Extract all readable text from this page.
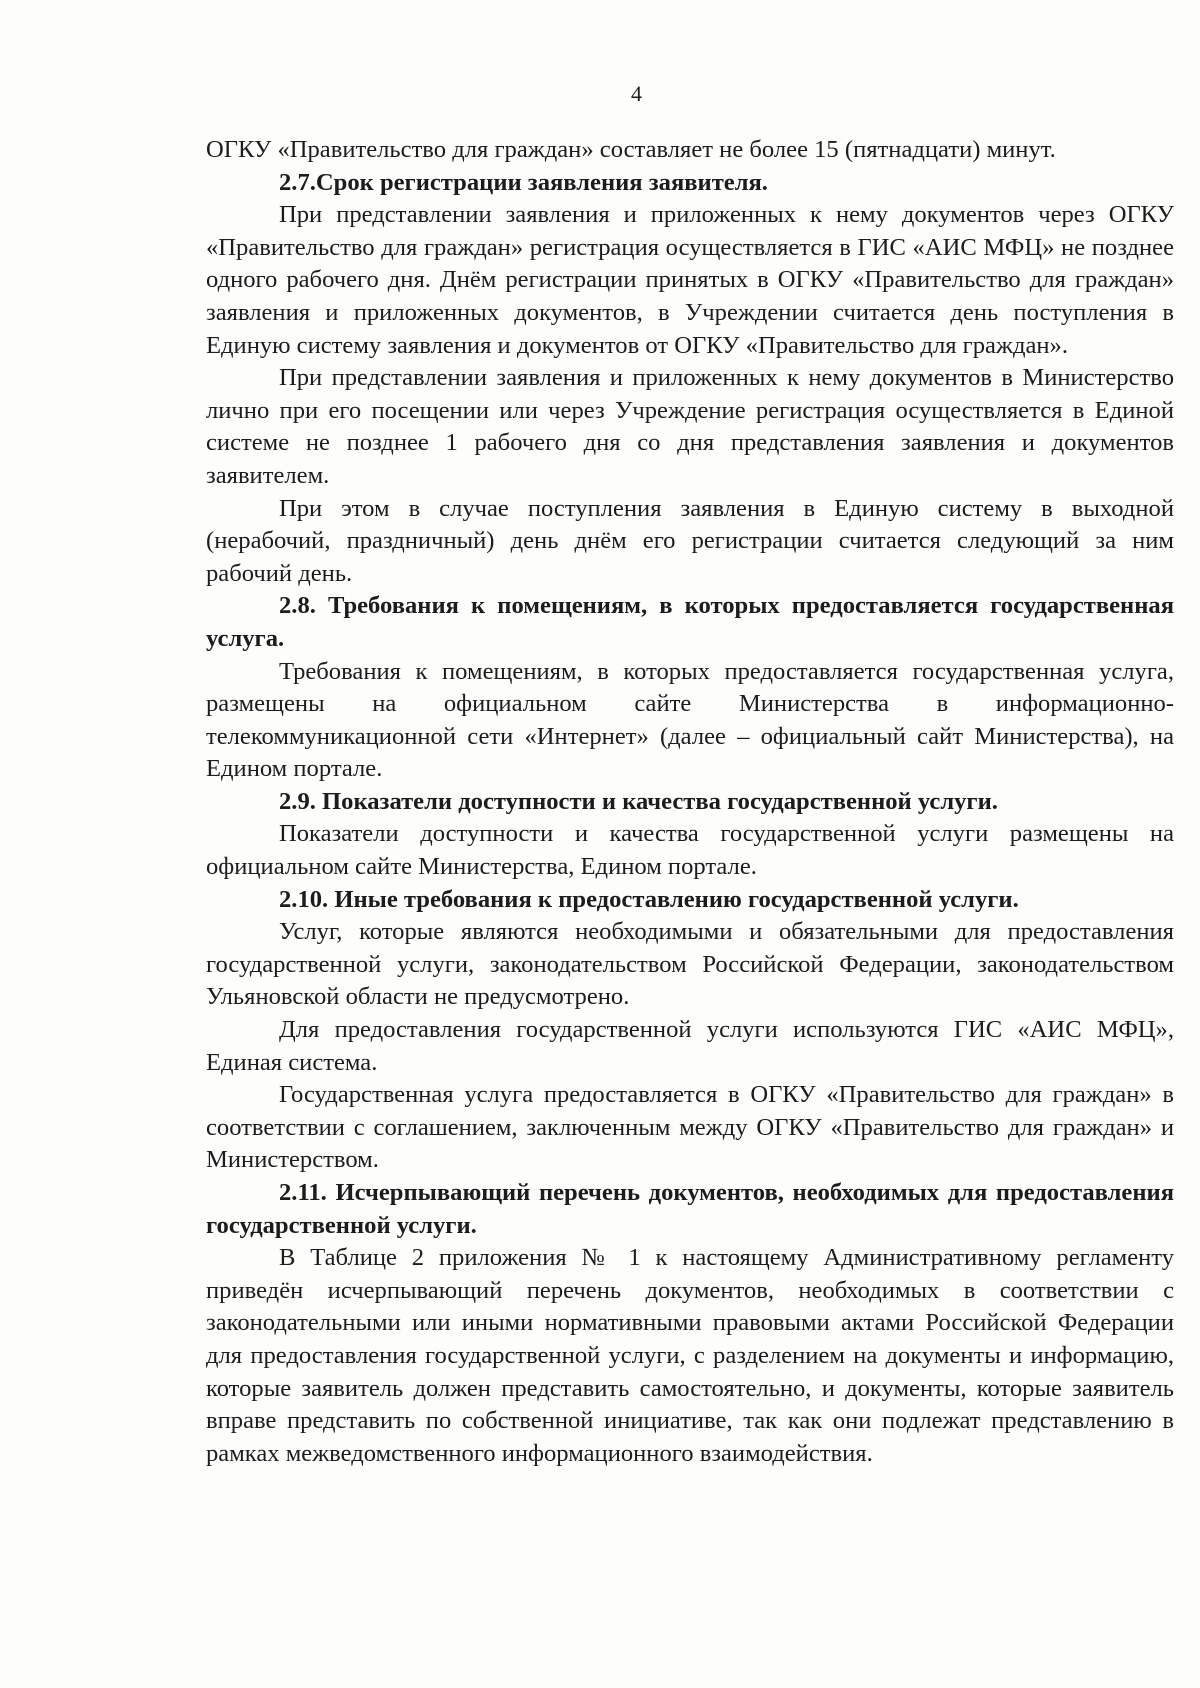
4

ОГКУ «Правительство для граждан» составляет не более 15 (пятнадцати) минут.

2.7.Срок регистрации заявления заявителя.

При представлении заявления и приложенных к нему документов через ОГКУ «Правительство для граждан» регистрация осуществляется в ГИС «АИС МФЦ» не позднее одного рабочего дня. Днём регистрации принятых в ОГКУ «Правительство для граждан» заявления и приложенных документов, в Учреждении считается день поступления в Единую систему заявления и документов от ОГКУ «Правительство для граждан».

При представлении заявления и приложенных к нему документов в Министерство лично при его посещении или через Учреждение регистрация осуществляется в Единой системе не позднее 1 рабочего дня со дня представления заявления и документов заявителем.

При этом в случае поступления заявления в Единую систему в выходной (нерабочий, праздничный) день днём его регистрации считается следующий за ним рабочий день.

2.8. Требования к помещениям, в которых предоставляется государственная услуга.

Требования к помещениям, в которых предоставляется государственная услуга, размещены на официальном сайте Министерства в информационно-телекоммуникационной сети «Интернет» (далее – официальный сайт Министерства), на Едином портале.

2.9. Показатели доступности и качества государственной услуги.

Показатели доступности и качества государственной услуги размещены на официальном сайте Министерства, Едином портале.

2.10. Иные требования к предоставлению государственной услуги.

Услуг, которые являются необходимыми и обязательными для предоставления государственной услуги, законодательством Российской Федерации, законодательством Ульяновской области не предусмотрено.

Для предоставления государственной услуги используются ГИС «АИС МФЦ», Единая система.

Государственная услуга предоставляется в ОГКУ «Правительство для граждан» в соответствии с соглашением, заключенным между ОГКУ «Правительство для граждан» и Министерством.

2.11. Исчерпывающий перечень документов, необходимых для предоставления государственной услуги.

В Таблице 2 приложения № 1 к настоящему Административному регламенту приведён исчерпывающий перечень документов, необходимых в соответствии с законодательными или иными нормативными правовыми актами Российской Федерации для предоставления государственной услуги, с разделением на документы и информацию, которые заявитель должен представить самостоятельно, и документы, которые заявитель вправе представить по собственной инициативе, так как они подлежат представлению в рамках межведомственного информационного взаимодействия.
